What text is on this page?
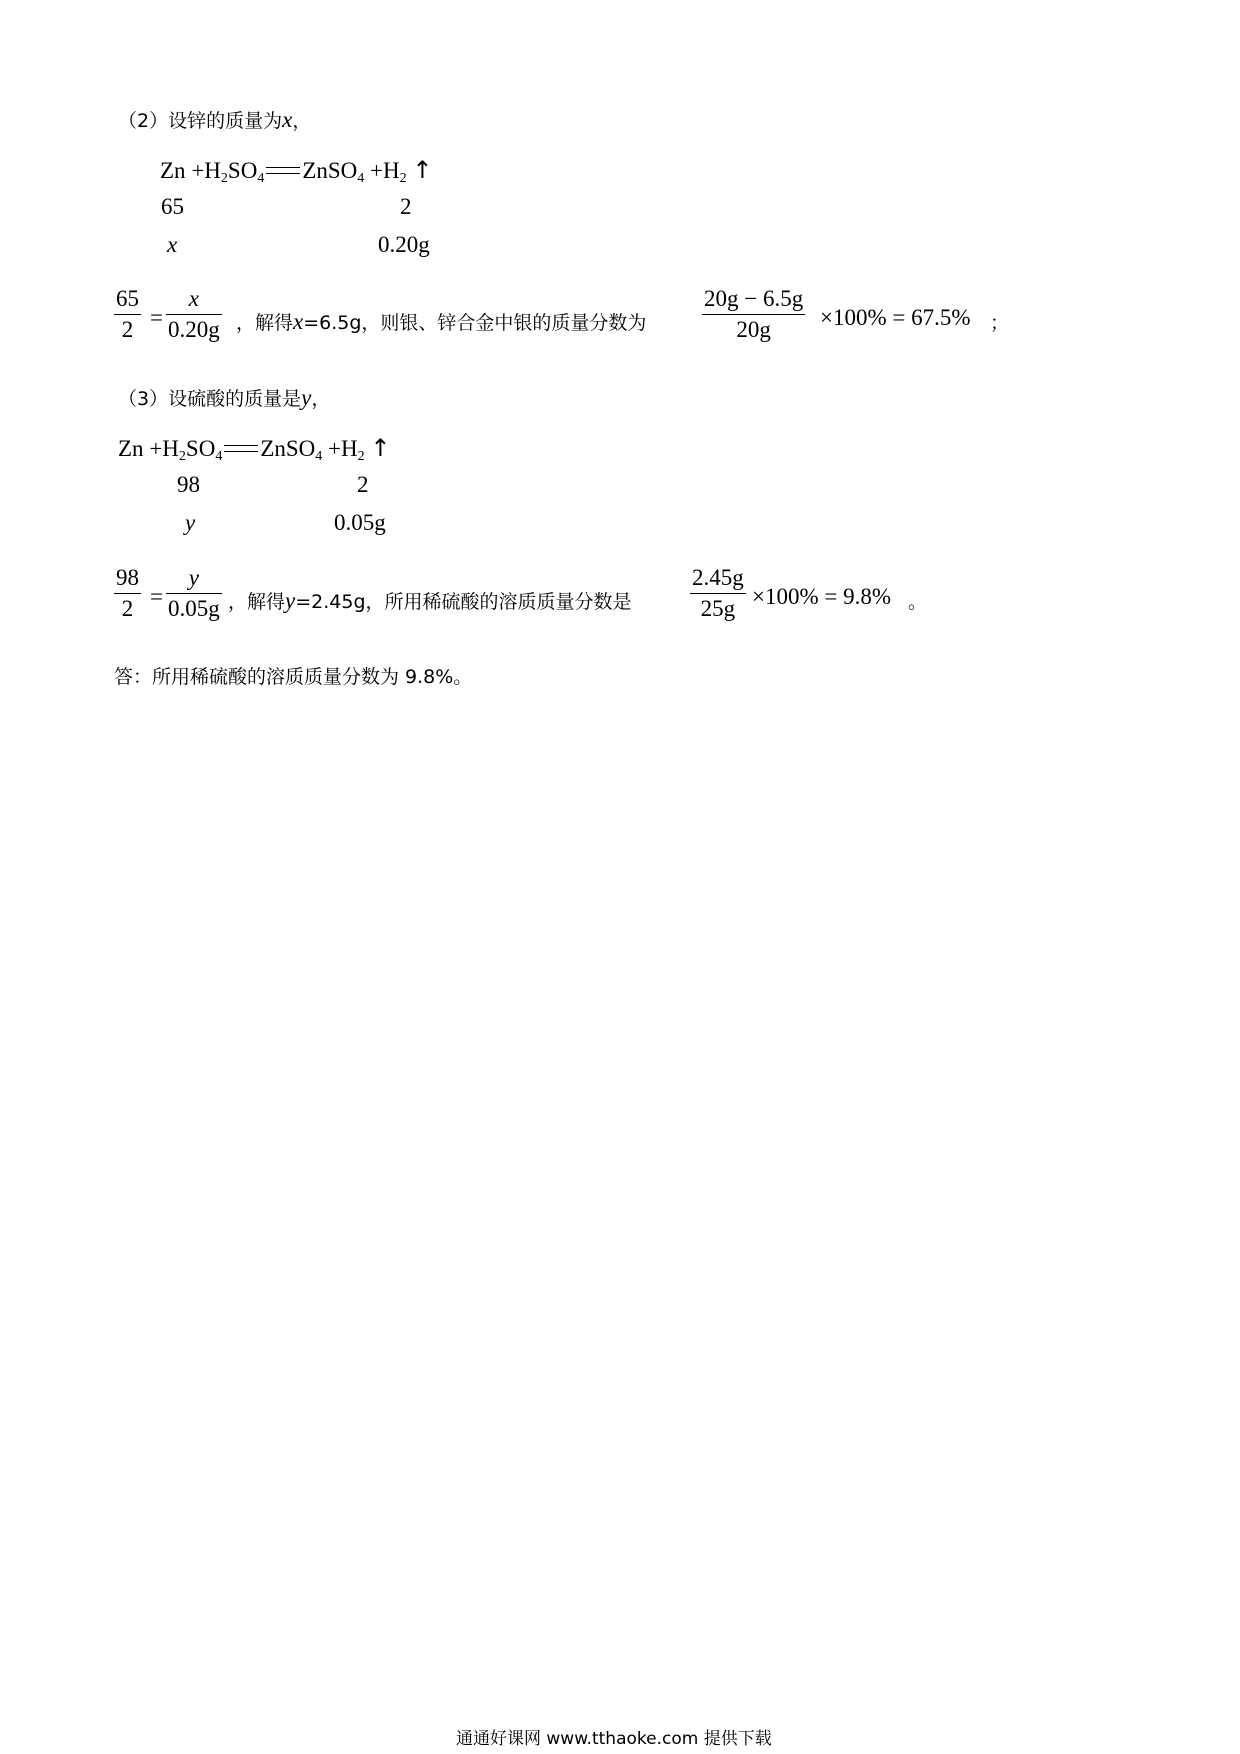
（2）设锌的质量为x，
$Zn +H_2SO_4$ ZnSO$_4$ $+H_2$ ↑
65	2
x	0.20g
65
2 =
x
0.20g ，解得x=6.5g，则银、锌合金中银的质量分数为
20g − 6.5g
20g ×100% = 67.5% ；
（3）设硫酸的质量是y，
$Zn +H_2SO_4$ ZnSO$_4$ $+H_2$ ↑
98	2
y	0.05g
98
2 =
y
0.05g ，解得y=2.45g，所用稀硫酸的溶质质量分数是
2.45g
25g ×100% = 9.8% 。
答：所用稀硫酸的溶质质量分数为 9.8%。
通通好课网 www.tthaoke.com 提供下载
